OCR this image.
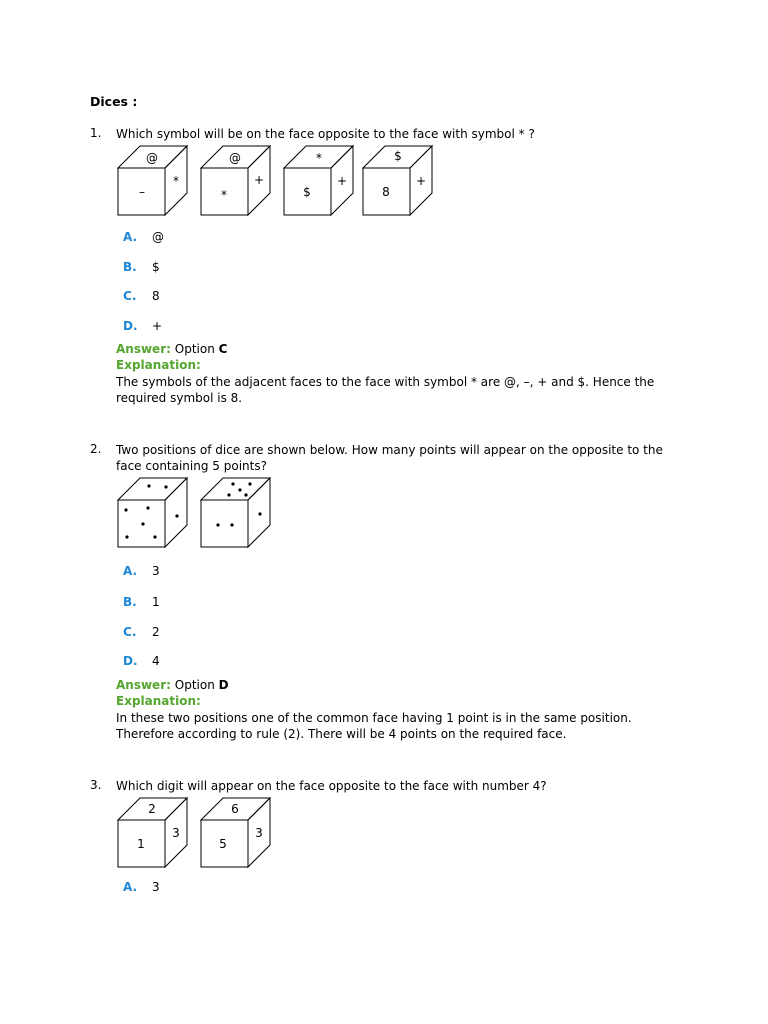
Dices :
1. Which symbol will be on the face opposite to the face with symbol * ?
@
–
*
@
*
+
*
$
+
$
8
+
A. @
B. $
C. 8
D. +
Answer: Option C
Explanation:
The symbols of the adjacent faces to the face with symbol * are @, –, + and $. Hence the required symbol is 8.
2. Two positions of dice are shown below. How many points will appear on the opposite to the face containing 5 points?
A. 3
B. 1
C. 2
D. 4
Answer: Option D
Explanation:
In these two positions one of the common face having 1 point is in the same position. Therefore according to rule (2). There will be 4 points on the required face.
3. Which digit will appear on the face opposite to the face with number 4?
2
1
3
6
5
3
A. 3
